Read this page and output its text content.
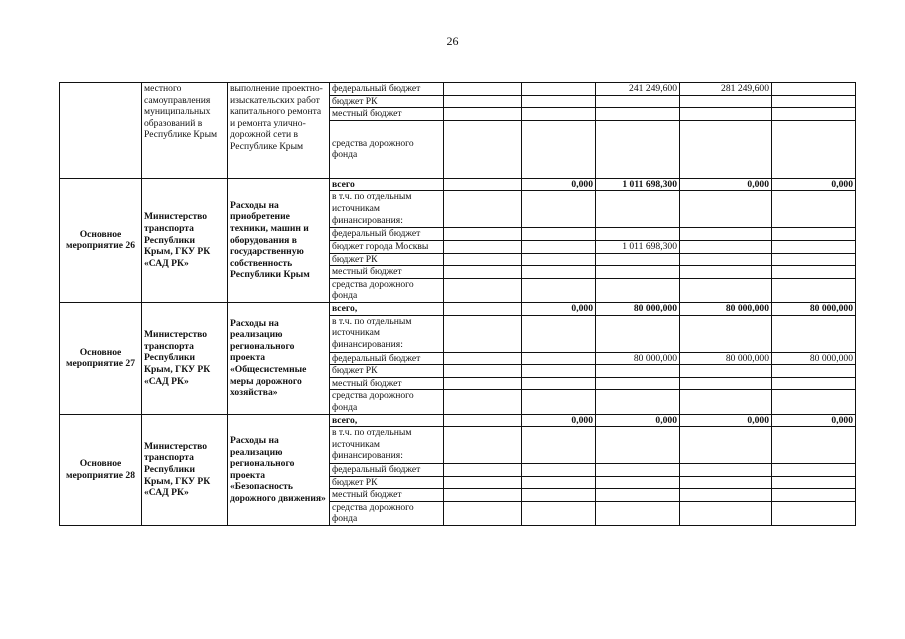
26
	местного самоуправления муниципальных образований в Республике Крым	выполнение проектно-изыскательских работ капитального ремонта и ремонта улично-дорожной сети в Республике Крым	федеральный бюджет			241 249,600	281 249,600		
			бюджет РК						
			местный бюджет						
			средства дорожного фонда						
Основное мероприятие 26	Министерство транспорта Республики Крым, ГКУ РК «САД РК»	Расходы на приобретение техники, машин и оборудования в государственную собственность Республики Крым	всего		0,000	1 011 698,300	0,000	0,000	
			в т.ч. по отдельным источникам финансирования:						
			федеральный бюджет						
			бюджет города Москвы			1 011 698,300			
			бюджет РК						
			местный бюджет						
			средства дорожного фонда						
Основное мероприятие 27	Министерство транспорта Республики Крым, ГКУ РК «САД РК»	Расходы на реализацию регионального проекта «Общесистемные меры дорожного хозяйства»	всего,		0,000	80 000,000	80 000,000	80 000,000	
			в т.ч. по отдельным источникам финансирования:						
			федеральный бюджет			80 000,000	80 000,000	80 000,000	
			бюджет РК						
			местный бюджет						
			средства дорожного фонда						
Основное мероприятие 28	Министерство транспорта Республики Крым, ГКУ РК «САД РК»	Расходы на реализацию регионального проекта «Безопасность дорожного движения»	всего,		0,000	0,000	0,000	0,000	
			в т.ч. по отдельным источникам финансирования:						
			федеральный бюджет						
			бюджет РК						
			местный бюджет						
			средства дорожного фонда						
